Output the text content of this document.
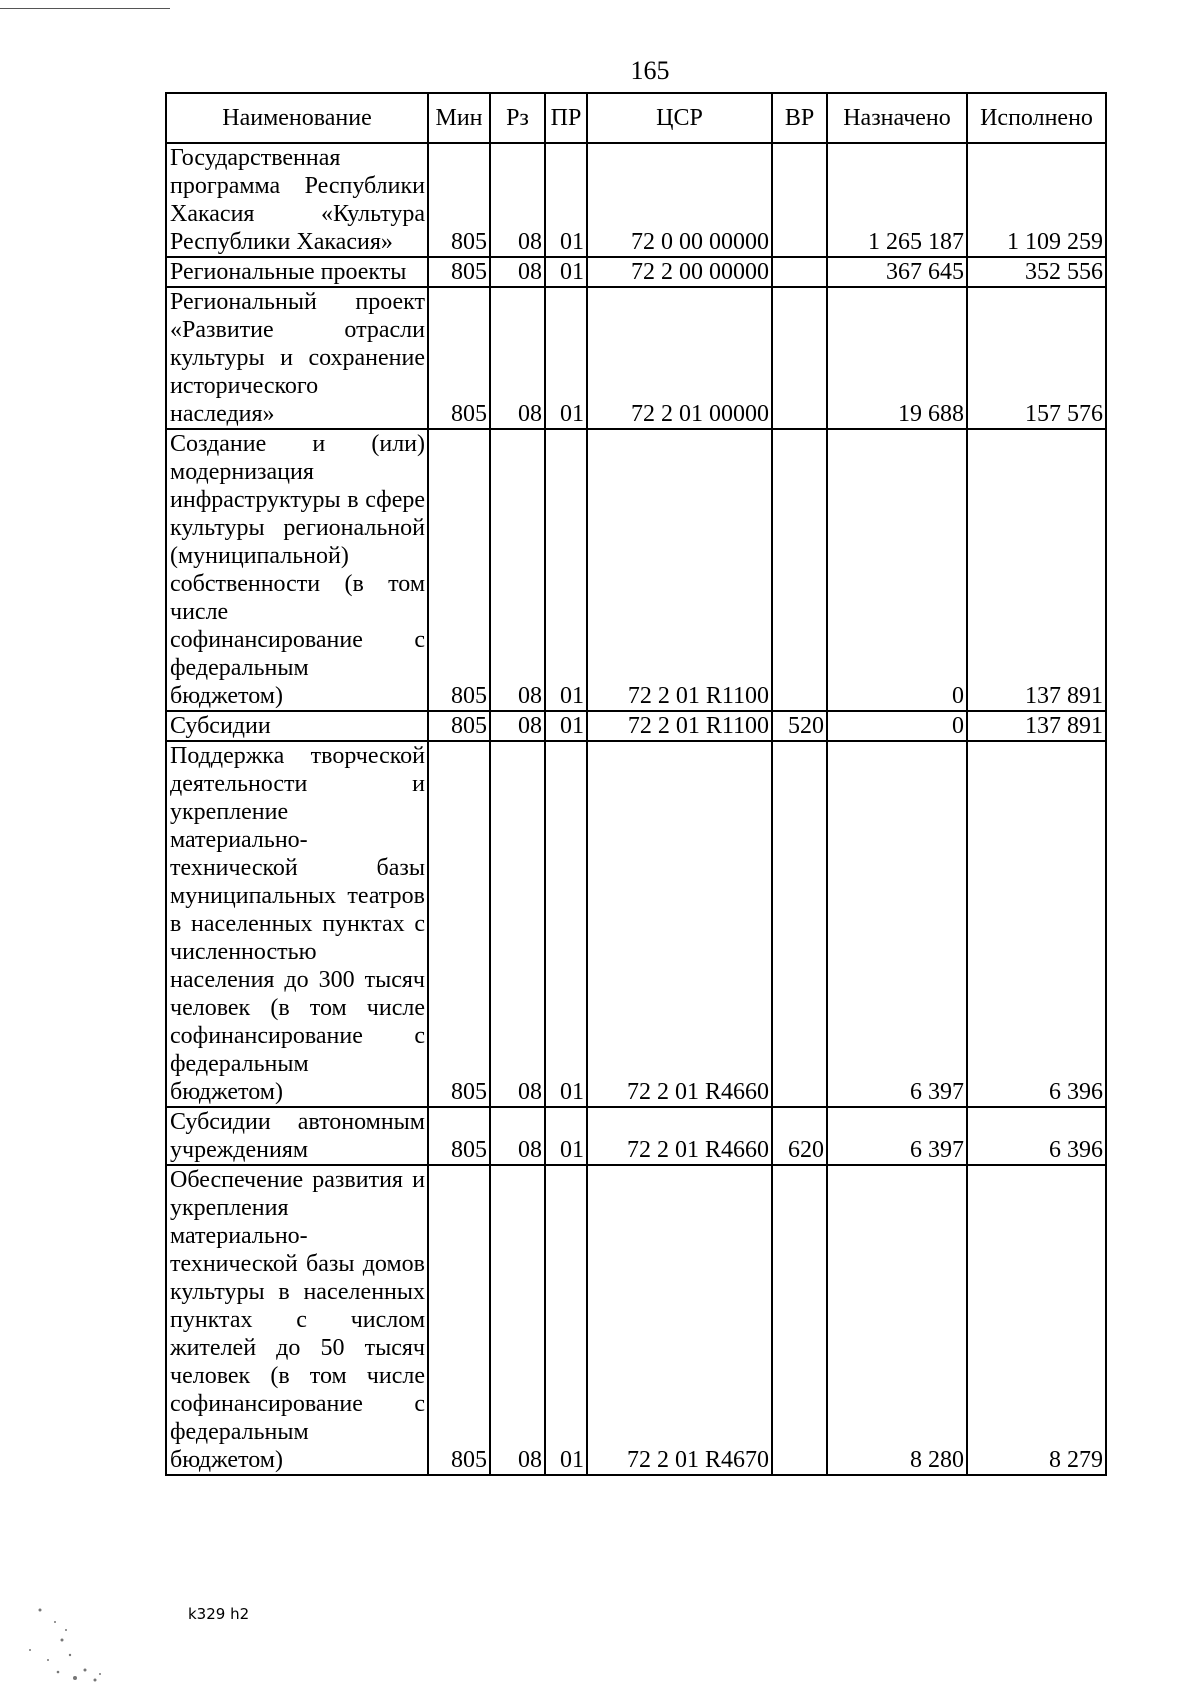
165
Наименование	Мин	Рз	ПР	ЦСР	ВР	Назначено	Исполнено
Государственная программа Республики Хакасия «Культура Республики Хакасия»	805	08	01	72 0 00 00000		1 265 187	1 109 259
Региональные проекты	805	08	01	72 2 00 00000		367 645	352 556
Региональный проект «Развитие отрасли культуры и сохранение исторического наследия»	805	08	01	72 2 01 00000		19 688	157 576
Создание и (или) модернизация инфраструктуры в сфере культуры региональной (муниципальной) собственности (в том числе софинансирование с федеральным бюджетом)	805	08	01	72 2 01 R1100		0	137 891
Субсидии	805	08	01	72 2 01 R1100	520	0	137 891
Поддержка творческой деятельности и укрепление материально-технической базы муниципальных театров в населенных пунктах с численностью населения до 300 тысяч человек (в том числе софинансирование с федеральным бюджетом)	805	08	01	72 2 01 R4660		6 397	6 396
Субсидии автономным учреждениям	805	08	01	72 2 01 R4660	620	6 397	6 396
Обеспечение развития и укрепления материально-технической базы домов культуры в населенных пунктах с числом жителей до 50 тысяч человек (в том числе софинансирование с федеральным бюджетом)	805	08	01	72 2 01 R4670		8 280	8 279
k329 h2
